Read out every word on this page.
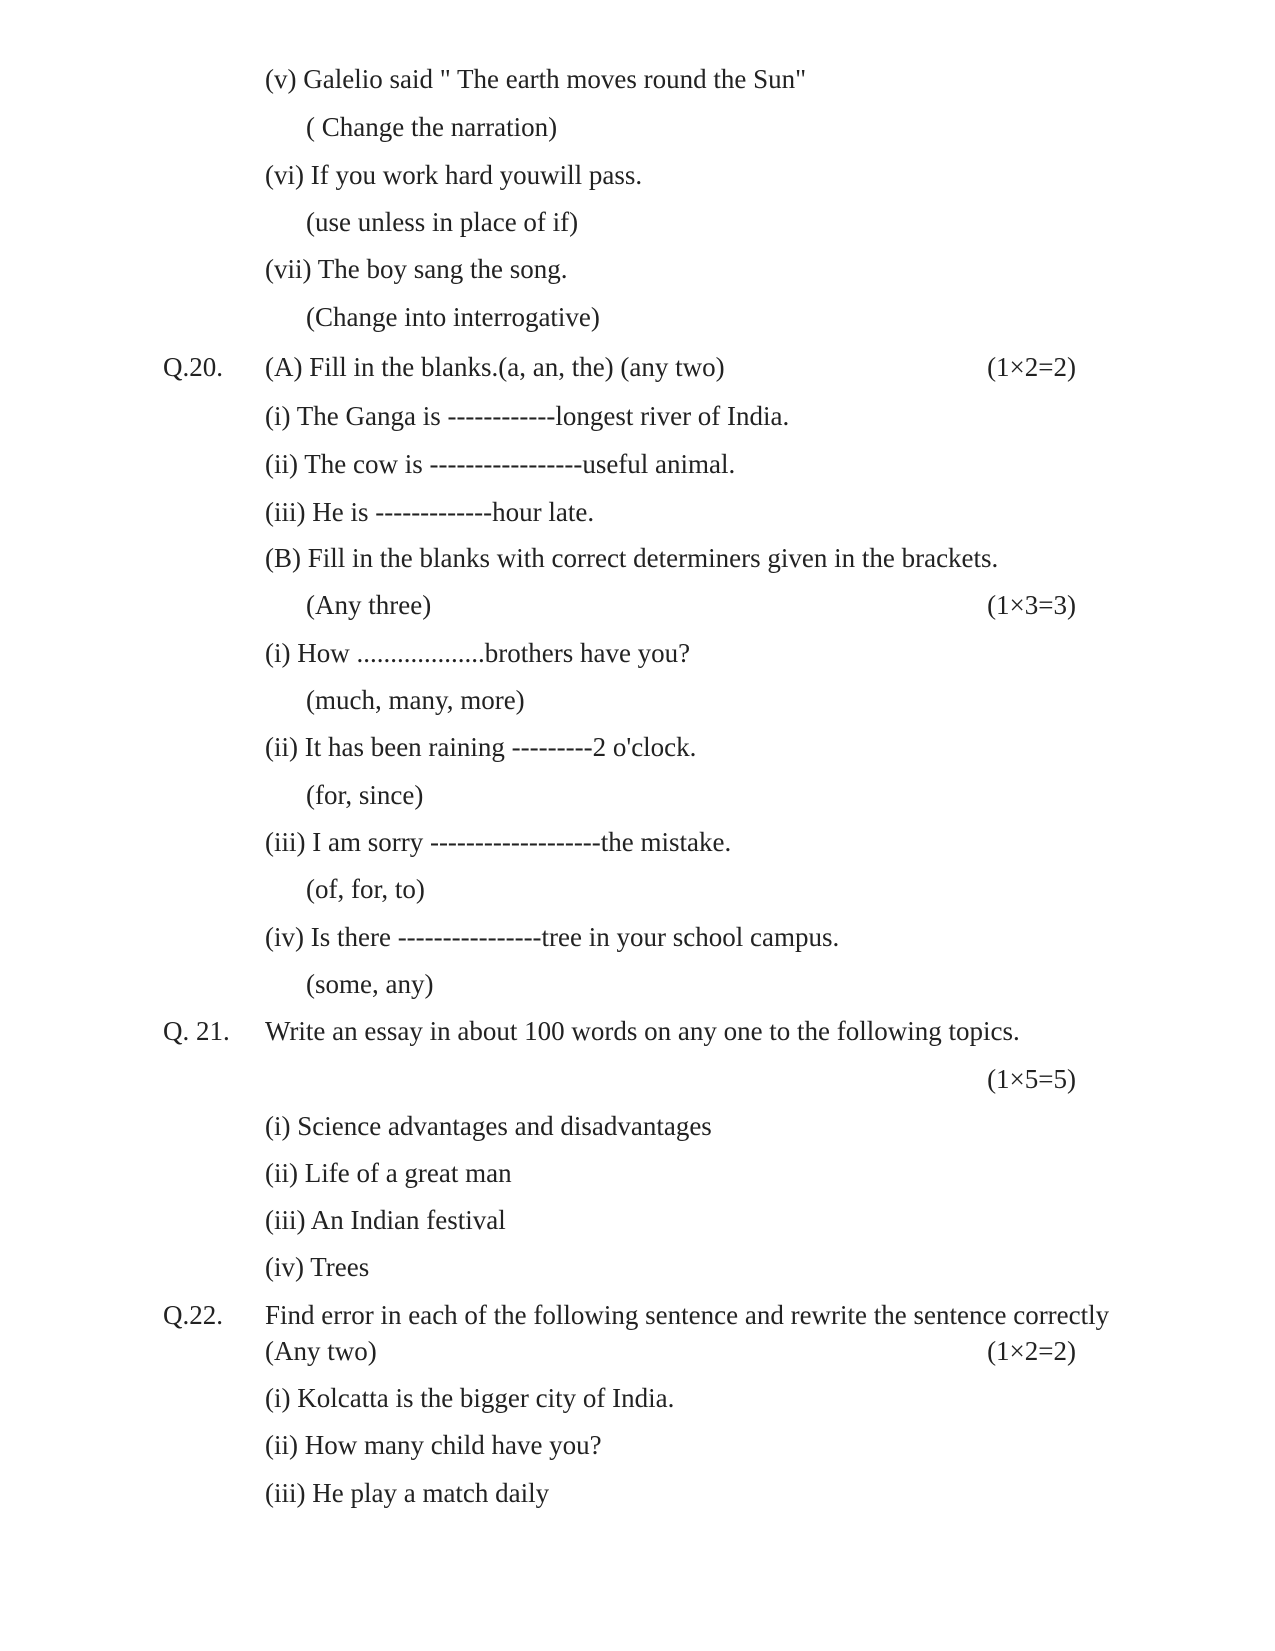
(v) Galelio said " The earth moves round the Sun"
( Change the narration)
(vi) If you work hard youwill pass.
(use unless in place of if)
(vii) The boy sang the song.
(Change into interrogative)
Q.20. (A) Fill in the blanks.(a, an, the) (any two)	(1×2=2)
(i) The Ganga is ------------longest river of India.
(ii) The cow is -----------------useful animal.
(iii) He is -------------hour late.
(B) Fill in the blanks with correct determiners given in the brackets.
(Any three)	(1×3=3)
(i) How ...................brothers have you?
(much, many, more)
(ii) It has been raining ---------2 o'clock.
(for, since)
(iii) I am sorry -------------------the mistake.
(of, for, to)
(iv) Is there ----------------tree in your school campus.
(some, any)
Q. 21. Write an essay in about 100 words on any one to the following topics.
(1×5=5)
(i) Science advantages and disadvantages
(ii) Life of a great man
(iii) An Indian festival
(iv) Trees
Q.22. Find error in each of the following sentence and rewrite the sentence correctly
(Any two)	(1×2=2)
(i) Kolcatta is the bigger city of India.
(ii) How many child have you?
(iii) He play a match daily
